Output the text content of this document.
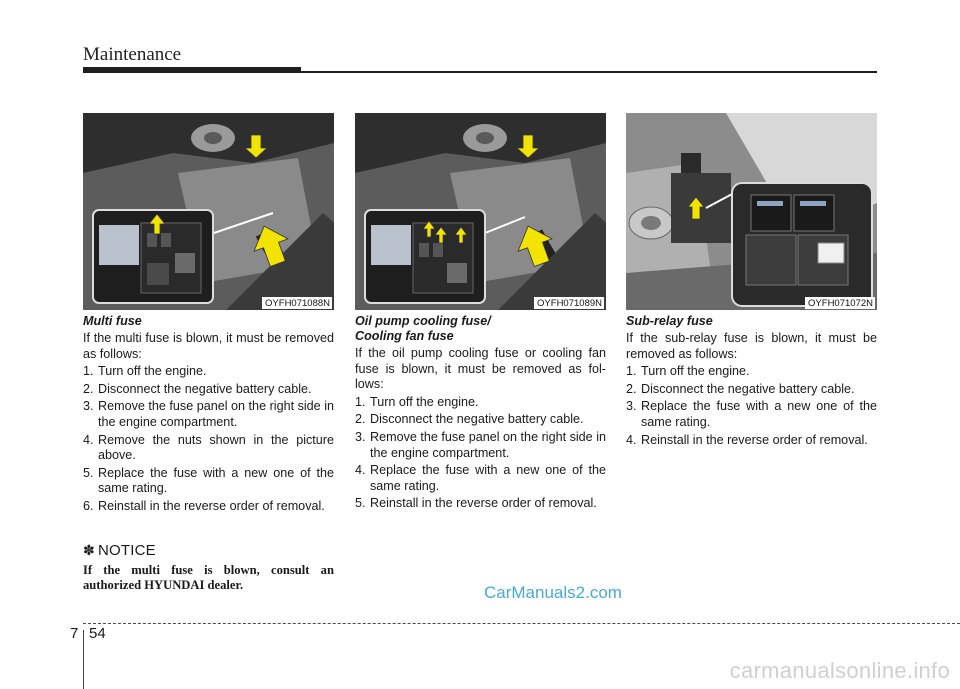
Maintenance
OYFH071088N	OYFH071089N	OYFH071072N
Multi fuse

If the multi fuse is blown, it must be removed as follows:

1. Turn off the engine.
2. Disconnect the negative battery cable.
3. Remove the fuse panel on the right side in the engine compartment.
4. Remove the nuts shown in the picture above.
5. Replace the fuse with a new one of the same rating.
6. Reinstall in the reverse order of removal.
✽ NOTICE
If the multi fuse is blown, consult an authorized HYUNDAI dealer.
Oil pump cooling fuse/
Cooling fan fuse

If the oil pump cooling fuse or cooling fan fuse is blown, it must be removed as fol-lows:

1. Turn off the engine.
2. Disconnect the negative battery cable.
3. Remove the fuse panel on the right side in the engine compartment.
4. Replace the fuse with a new one of the same rating.
5. Reinstall in the reverse order of removal.
Sub-relay fuse

If the sub-relay fuse is blown, it must be removed as follows:

1. Turn off the engine.
2. Disconnect the negative battery cable.
3. Replace the fuse with a new one of the same rating.
4. Reinstall in the reverse order of removal.
CarManuals2.com
7 54
carmanualsonline.info
